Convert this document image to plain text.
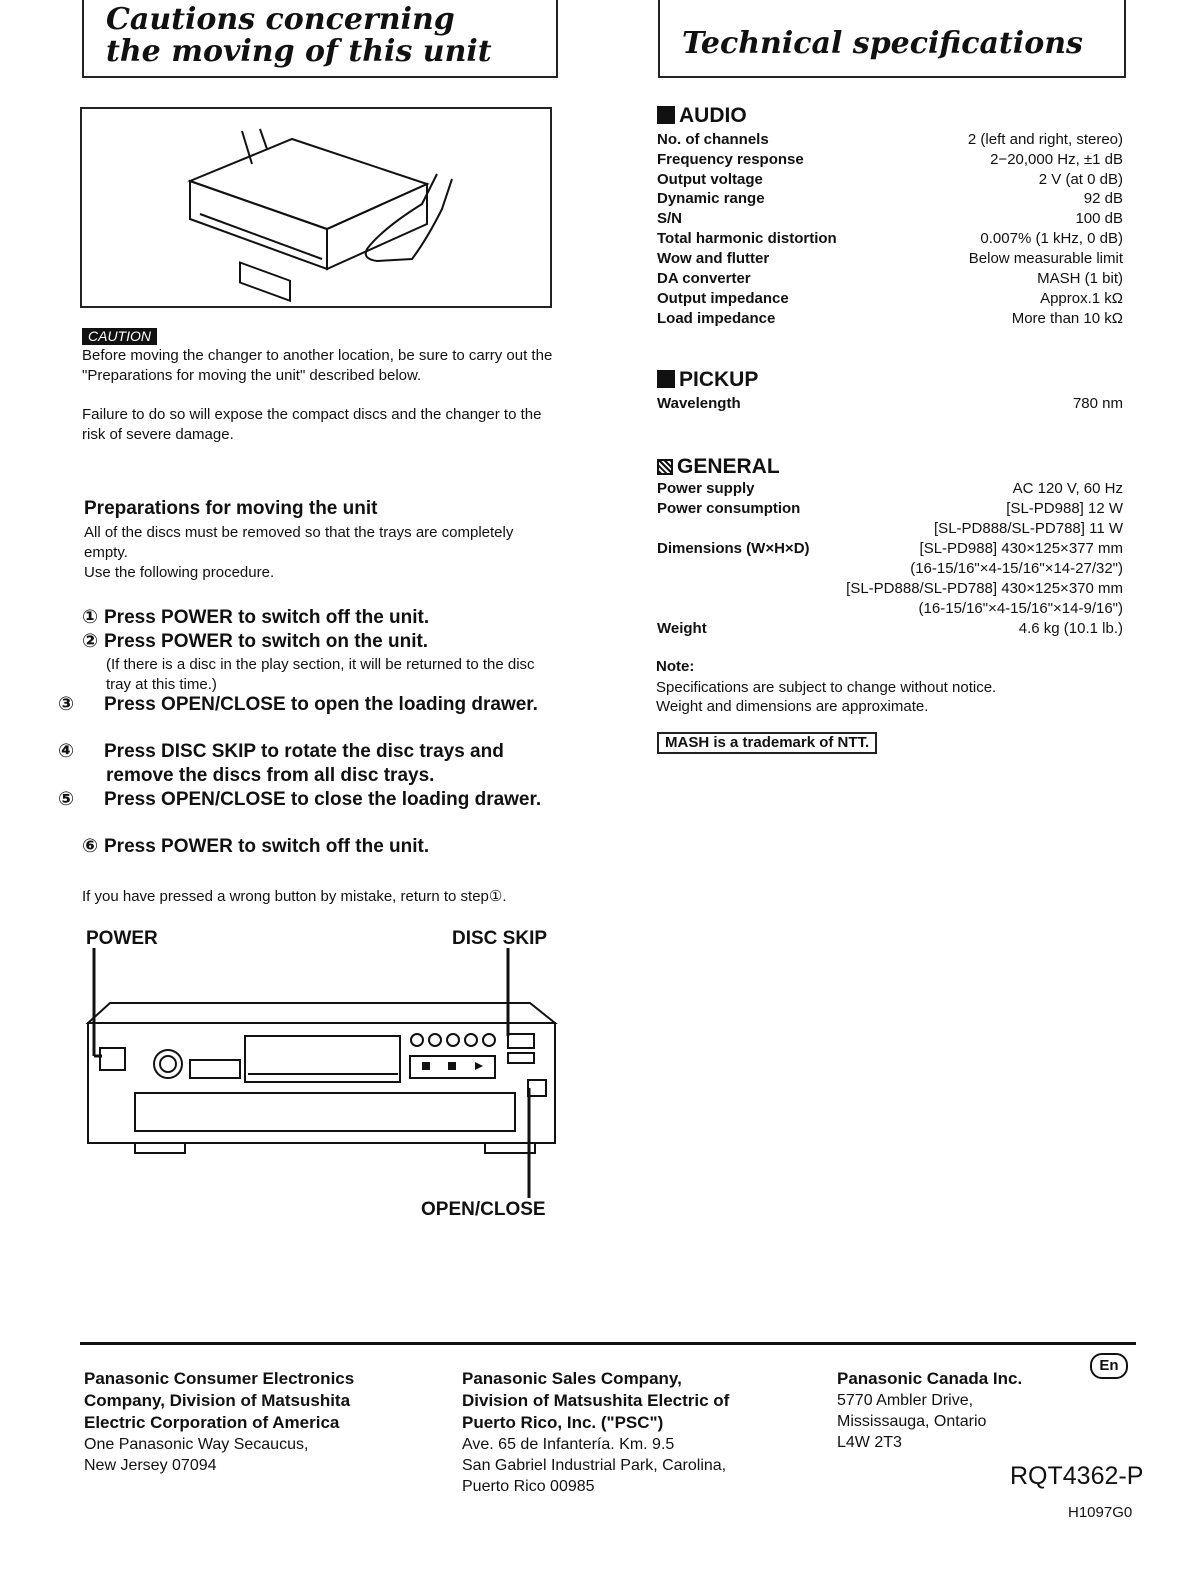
Cautions concerning
the moving of this unit	Technical specifications
CAUTION
Before moving the changer to another location, be sure to carry out the "Preparations for moving the unit" described below.
Failure to do so will expose the compact discs and the changer to the risk of severe damage.
Preparations for moving the unit
All of the discs must be removed so that the trays are completely empty.
Use the following procedure.
① Press POWER to switch off the unit.
② Press POWER to switch on the unit.
(If there is a disc in the play section, it will be returned to the disc tray at this time.)
③ Press OPEN/CLOSE to open the loading drawer.
④ Press DISC SKIP to rotate the disc trays and remove the discs from all disc trays.
⑤ Press OPEN/CLOSE to close the loading drawer.
⑥ Press POWER to switch off the unit.
If you have pressed a wrong button by mistake, return to step①.
POWER	DISC SKIP
OPEN/CLOSE
AUDIO
No. of channels	2 (left and right, stereo)
Frequency response	2−20,000 Hz, ±1 dB
Output voltage	2 V (at 0 dB)
Dynamic range	92 dB
S/N	100 dB
Total harmonic distortion	0.007% (1 kHz, 0 dB)
Wow and flutter	Below measurable limit
DA converter	MASH (1 bit)
Output impedance	Approx.1 kΩ
Load impedance	More than 10 kΩ
PICKUP
Wavelength	780 nm
GENERAL
Power supply	AC 120 V, 60 Hz
Power consumption	[SL-PD988] 12 W
[SL-PD888/SL-PD788] 11 W
Dimensions (W×H×D)	[SL-PD988] 430×125×377 mm
(16-15/16"×4-15/16"×14-27/32")
[SL-PD888/SL-PD788] 430×125×370 mm
(16-15/16"×4-15/16"×14-9/16")
Weight	4.6 kg (10.1 lb.)
Note:
Specifications are subject to change without notice.
Weight and dimensions are approximate.
MASH is a trademark of NTT.
Panasonic Consumer Electronics
Company, Division of Matsushita
Electric Corporation of America
One Panasonic Way Secaucus,
New Jersey 07094
Panasonic Sales Company,
Division of Matsushita Electric of
Puerto Rico, Inc. ("PSC")
Ave. 65 de Infantería. Km. 9.5
San Gabriel Industrial Park, Carolina,
Puerto Rico 00985
Panasonic Canada Inc.
5770 Ambler Drive,
Mississauga, Ontario
L4W 2T3
En
RQT4362-P
H1097G0
